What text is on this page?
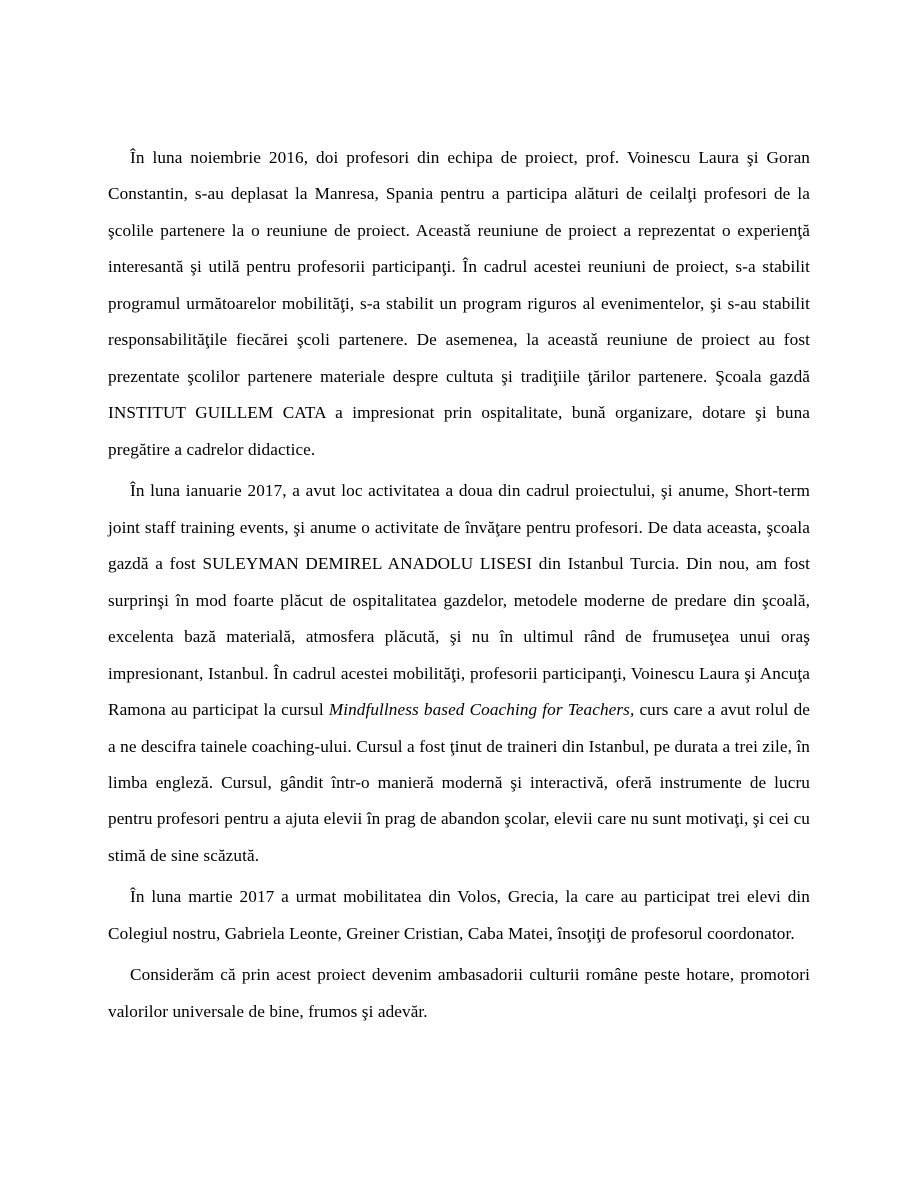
În luna noiembrie 2016, doi profesori din echipa de proiect, prof. Voinescu Laura şi Goran Constantin, s-au deplasat la Manresa, Spania pentru a participa alături de ceilalţi profesori de la şcolile partenere la o reuniune de proiect. Aceastǎ reuniune de proiect a reprezentat o experienţă interesantă şi utilă pentru profesorii participanţi. În cadrul acestei reuniuni de proiect, s-a stabilit programul următoarelor mobilităţi, s-a stabilit un program riguros al evenimentelor, şi s-au stabilit responsabilităţile fiecărei şcoli partenere. De asemenea, la aceastǎ reuniune de proiect au fost prezentate şcolilor partenere materiale despre cultuta şi tradiţiile ţărilor partenere. Şcoala gazdă INSTITUT GUILLEM CATA a impresionat prin ospitalitate, bunǎ organizare, dotare şi buna pregătire a cadrelor didactice.

În luna ianuarie 2017, a avut loc activitatea a doua din cadrul proiectului, şi anume, Short-term joint staff training events, şi anume o activitate de învăţare pentru profesori. De data aceasta, şcoala gazdă a fost SULEYMAN DEMIREL ANADOLU LISESI din Istanbul Turcia. Din nou, am fost surprinşi în mod foarte plăcut de ospitalitatea gazdelor, metodele moderne de predare din şcoală, excelenta bază materială, atmosfera plăcută, şi nu în ultimul rând de frumuseţea unui oraş impresionant, Istanbul. În cadrul acestei mobilităţi, profesorii participanţi, Voinescu Laura şi Ancuţa Ramona au participat la cursul Mindfullness based Coaching for Teachers, curs care a avut rolul de a ne descifra tainele coaching-ului. Cursul a fost ţinut de traineri din Istanbul, pe durata a trei zile, în limba engleză. Cursul, gândit într-o manieră modernă şi interactivă, oferă instrumente de lucru pentru profesori pentru a ajuta elevii în prag de abandon şcolar, elevii care nu sunt motivaţi, şi cei cu stimă de sine scăzută.

În luna martie 2017 a urmat mobilitatea din Volos, Grecia, la care au participat trei elevi din Colegiul nostru, Gabriela Leonte, Greiner Cristian, Caba Matei, însoţiţi de profesorul coordonator.

Considerăm că prin acest proiect devenim ambasadorii culturii române peste hotare, promotori valorilor universale de bine, frumos şi adevăr.
